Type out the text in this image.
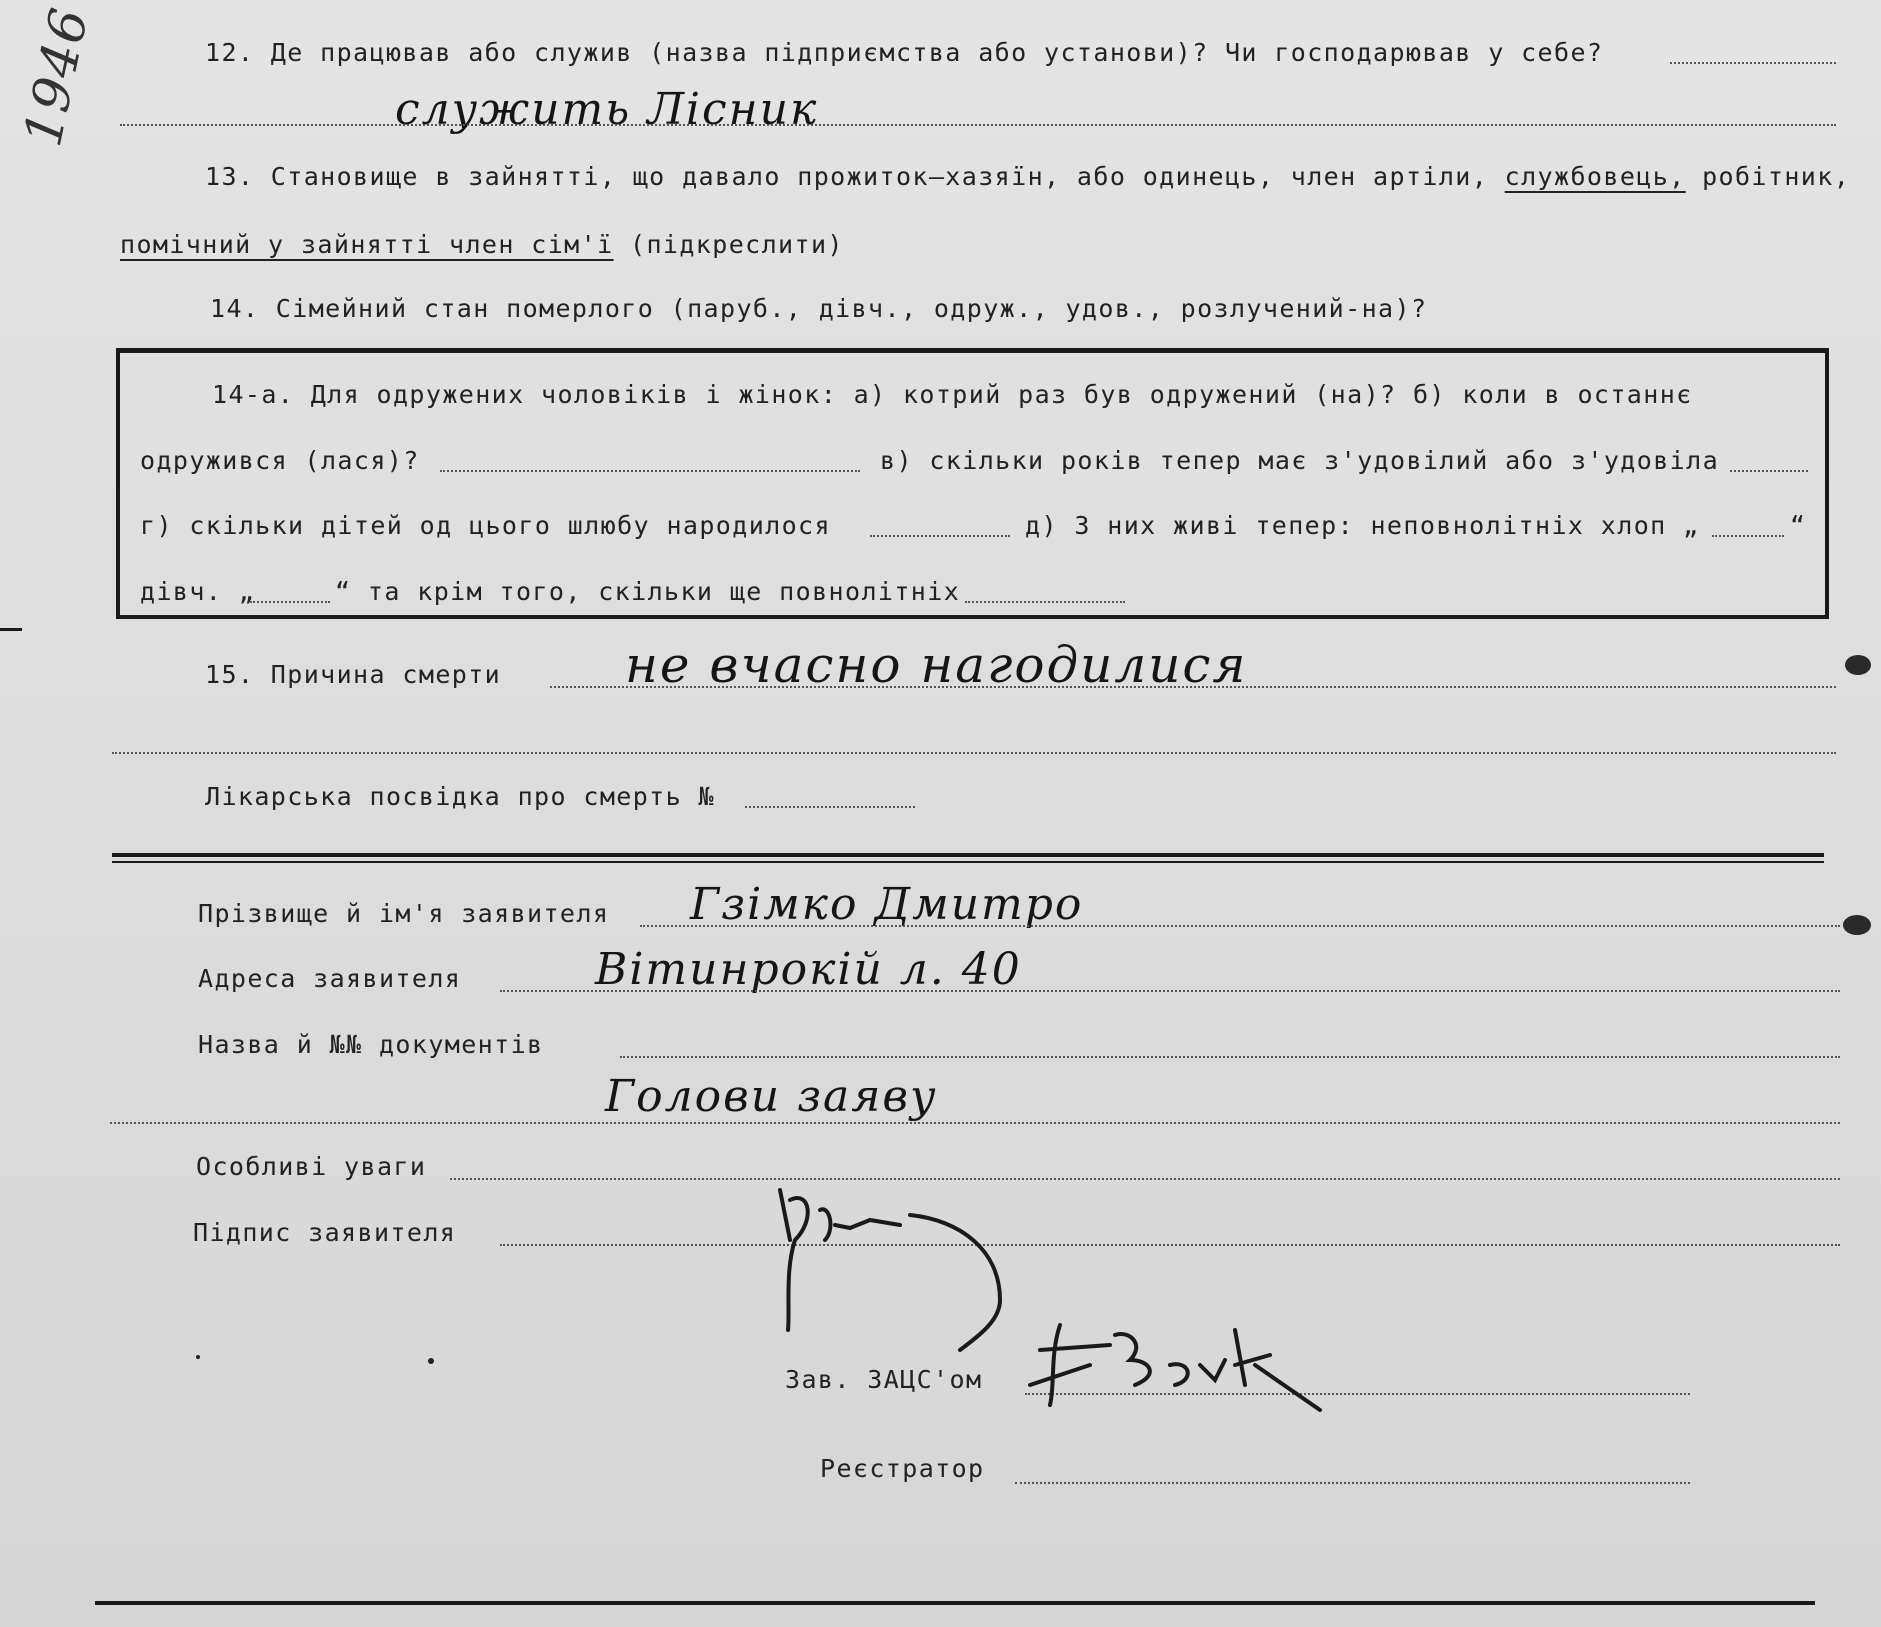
1946	12. Де працював або служив (назва підприємства або установи)? Чи господарював у себе?
служить Лісник
13. Становище в зайнятті, що давало прожиток—хазяїн, або одинець, член артіли, службовець, робітник,
помічний у зайнятті член сім'ї (підкреслити)
14. Сімейний стан померлого (паруб., дівч., одруж., удов., розлучений-на)?
14-а. Для одружених чоловіків і жінок: а) котрий раз був одружений (на)? б) коли в останнє
одружився (лася)?	в) скільки років тепер має з'удовілий або з'удовіла
г) скільки дітей од цього шлюбу народилося	д) З них живі тепер: неповнолітніх хлоп „	“
дівч. „	“ та крім того, скільки ще повнолітніх
15. Причина смерти не вчасно нагодилися
Лікарська посвідка про смерть №
Прізвище й ім'я заявителя Гзімко Дмитро
Адреса заявителя	Вітинрокій л. 40
Назва й №№ документів
Голови заяву
Особливі уваги
Підпис заявителя
Зав. ЗАЦС'ом
Реєстратор
